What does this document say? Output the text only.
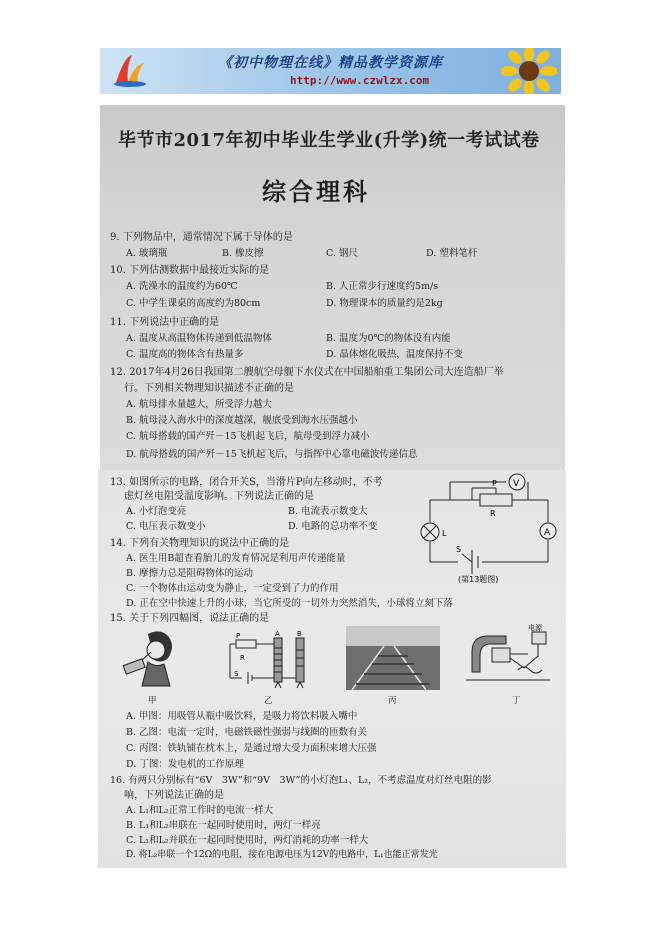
《初中物理在线》精品教学资源库
http://www.czwlzx.com
毕节市2017年初中毕业生学业(升学)统一考试试卷
综合理科
9. 下列物品中，通常情况下属于导体的是
A. 玻璃瓶	B. 橡皮擦	C. 钢尺	D. 塑料笔杆
10. 下列估测数据中最接近实际的是
A. 洗澡水的温度约为60℃	B. 人正常步行速度约5m/s
C. 中学生课桌的高度约为80cm	D. 物理课本的质量约是2kg
11. 下列说法中正确的是
A. 温度从高温物体传递到低温物体	B. 温度为0℃的物体没有内能
C. 温度高的物体含有热量多	D. 晶体熔化吸热，温度保持不变
12. 2017年4月26日我国第二艘航空母舰下水仪式在中国船舶重工集团公司大连造船厂举
行。下列相关物理知识描述不正确的是
A. 航母排水量越大，所受浮力越大
B. 航母浸入海水中的深度越深，舰底受到海水压强越小
C. 航母搭载的国产歼－15飞机起飞后，航母受到浮力减小
D. 航母搭载的国产歼－15飞机起飞后，与指挥中心靠电磁波传递信息
13. 如图所示的电路，闭合开关S，当滑片P向左移动时，不考
虑灯丝电阻受温度影响。下列说法正确的是
A. 小灯泡变亮	B. 电流表示数变大
C. 电压表示数变小	D. 电路的总功率不变
V
A
P
R
L
S
(第13题图)
14. 下列有关物理知识的说法中正确的是
A. 医生用B超查看胎儿的发育情况是利用声传递能量
B. 摩擦力总是阻碍物体的运动
C. 一个物体由运动变为静止，一定受到了力的作用
D. 正在空中快速上升的小球，当它所受的一切外力突然消失，小球将立刻下落
15. 关于下列四幅图，说法正确的是
甲
P
R
S
A B
乙	丙
电源
丁
A. 甲图：用吸管从瓶中吸饮料，是吸力将饮料吸入嘴中
B. 乙图：电流一定时，电磁铁磁性强弱与线圈的匝数有关
C. 丙图：铁轨铺在枕木上，是通过增大受力面积来增大压强
D. 丁图：发电机的工作原理
16. 有两只分别标有“6V　3W”和“9V　3W”的小灯泡L₁、L₂，不考虑温度对灯丝电阻的影
响，下列说法正确的是
A. L₁和L₂正常工作时的电流一样大
B. L₁和L₂串联在一起同时使用时，两灯一样亮
C. L₁和L₂并联在一起同时使用时，两灯消耗的功率一样大
D. 将L₂串联一个12Ω的电阻，接在电源电压为12V的电路中，L₁也能正常发光
